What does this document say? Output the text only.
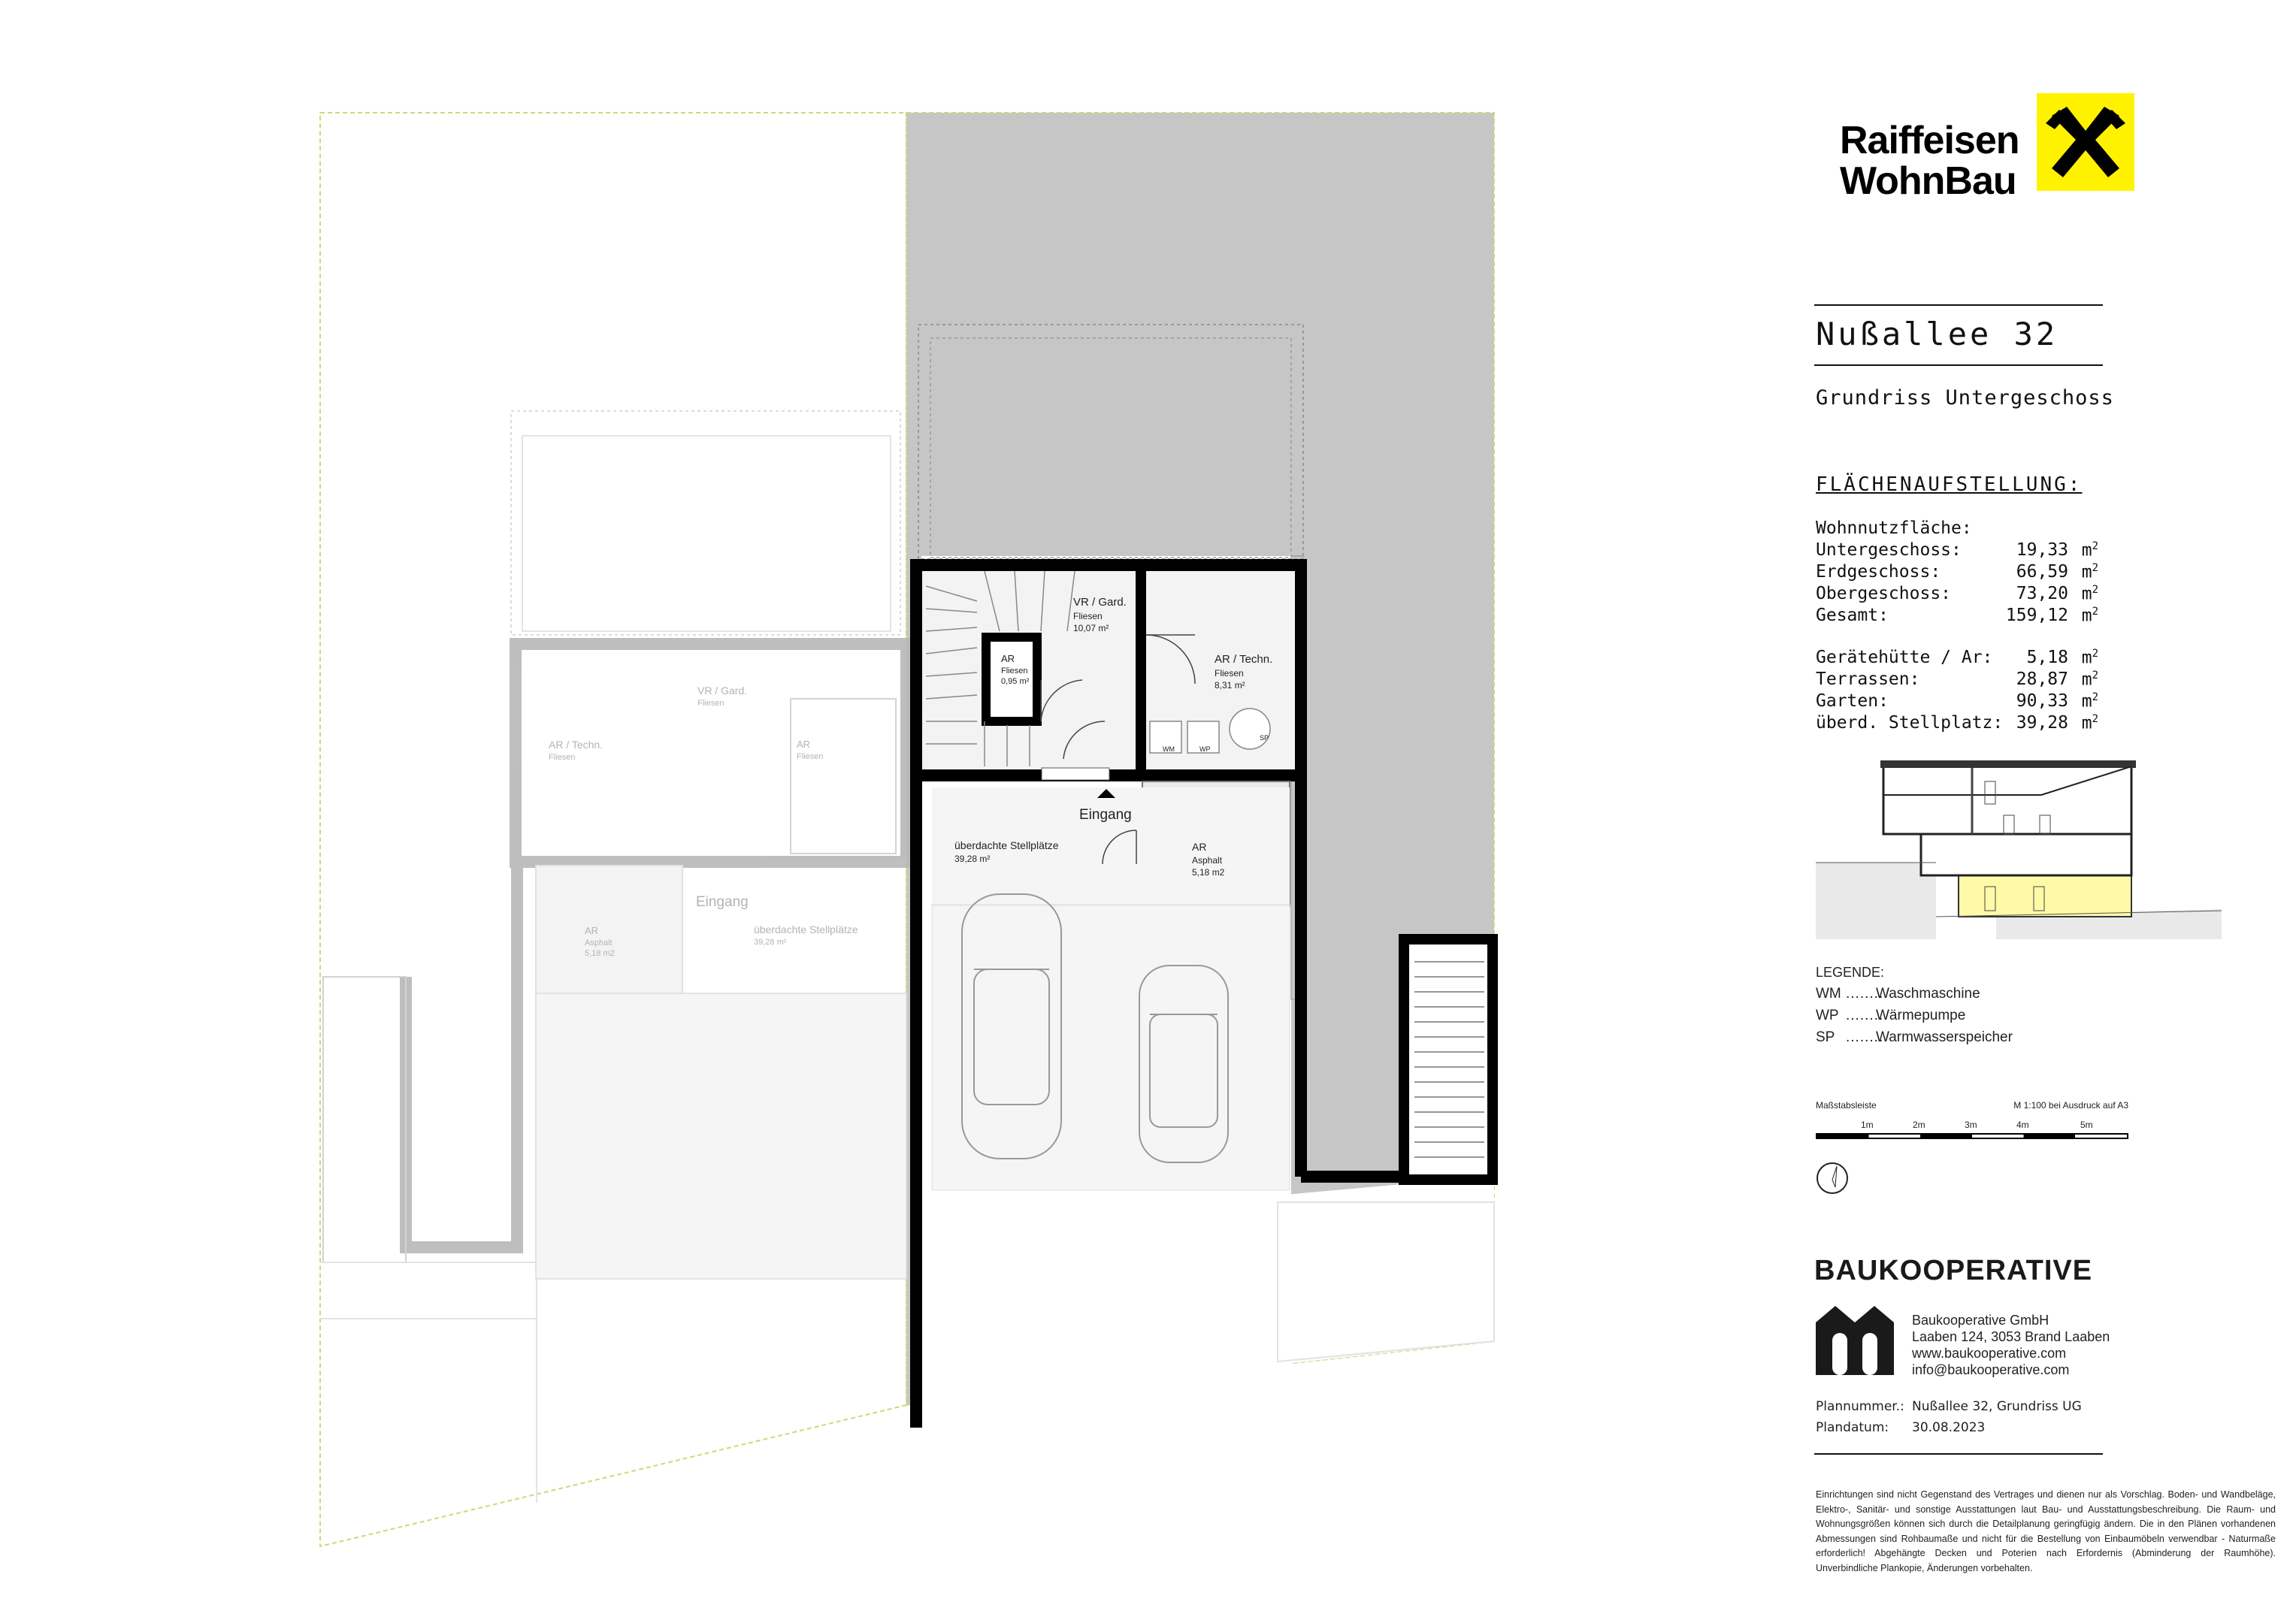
VR / Gard.
Fliesen
10,07 m²
AR
Fliesen
0,95 m²
AR / Techn.
Fliesen
8,31 m²
WM	WP
SP
Eingang
überdachte Stellplätze
39,28 m²
AR
Asphalt
5,18 m2
VR / Gard.
Fliesen
AR / Techn.
Fliesen
AR
Fliesen
Eingang
überdachte Stellplätze
39,28 m²
AR
Asphalt
5,18 m2
Raiffeisen
WohnBau
Nußallee 32
Grundriss Untergeschoss
FLÄCHENAUFSTELLUNG:
Wohnnutzfläche:
Untergeschoss:	19,33 $m^2$
Erdgeschoss:	66,59 $m^2$
Obergeschoss:	73,20 $m^2$
Gesamt:	159,12 $m^2$
Gerätehütte / Ar: 5,18 $m^2$
Terrassen:	28,87 $m^2$
Garten:	90,33 $m^2$
überd. Stellplatz: 39,28 $m^2$
LEGENDE:
WM ........
Waschmaschine
WP ........
Wärmepumpe
SP ........
Warmwasserspeicher
Maßstabsleiste	M 1:100 bei Ausdruck auf A3
1m	2m	3m	4m	5m
BAUKOOPERATIVE
Baukooperative GmbH
Laaben 124, 3053 Brand Laaben
www.baukooperative.com
info@baukooperative.com
Plannummer.: Nußallee 32, Grundriss UG
Plandatum: 30.08.2023
Einrichtungen sind nicht Gegenstand des Vertrages und dienen nur als Vorschlag. Boden- und Wandbeläge, Elektro-, Sanitär- und sonstige Ausstattungen laut Bau- und Ausstattungsbeschreibung. Die Raum- und Wohnungsgrößen können sich durch die Detailplanung geringfügig ändern. Die in den Plänen vorhandenen Abmessungen sind Rohbaumaße und nicht für die Bestellung von Einbaumöbeln verwendbar - Naturmaße erforderlich! Abgehängte Decken und Poterien nach Erfordernis (Abminderung der Raumhöhe). Unverbindliche Plankopie, Änderungen vorbehalten.
